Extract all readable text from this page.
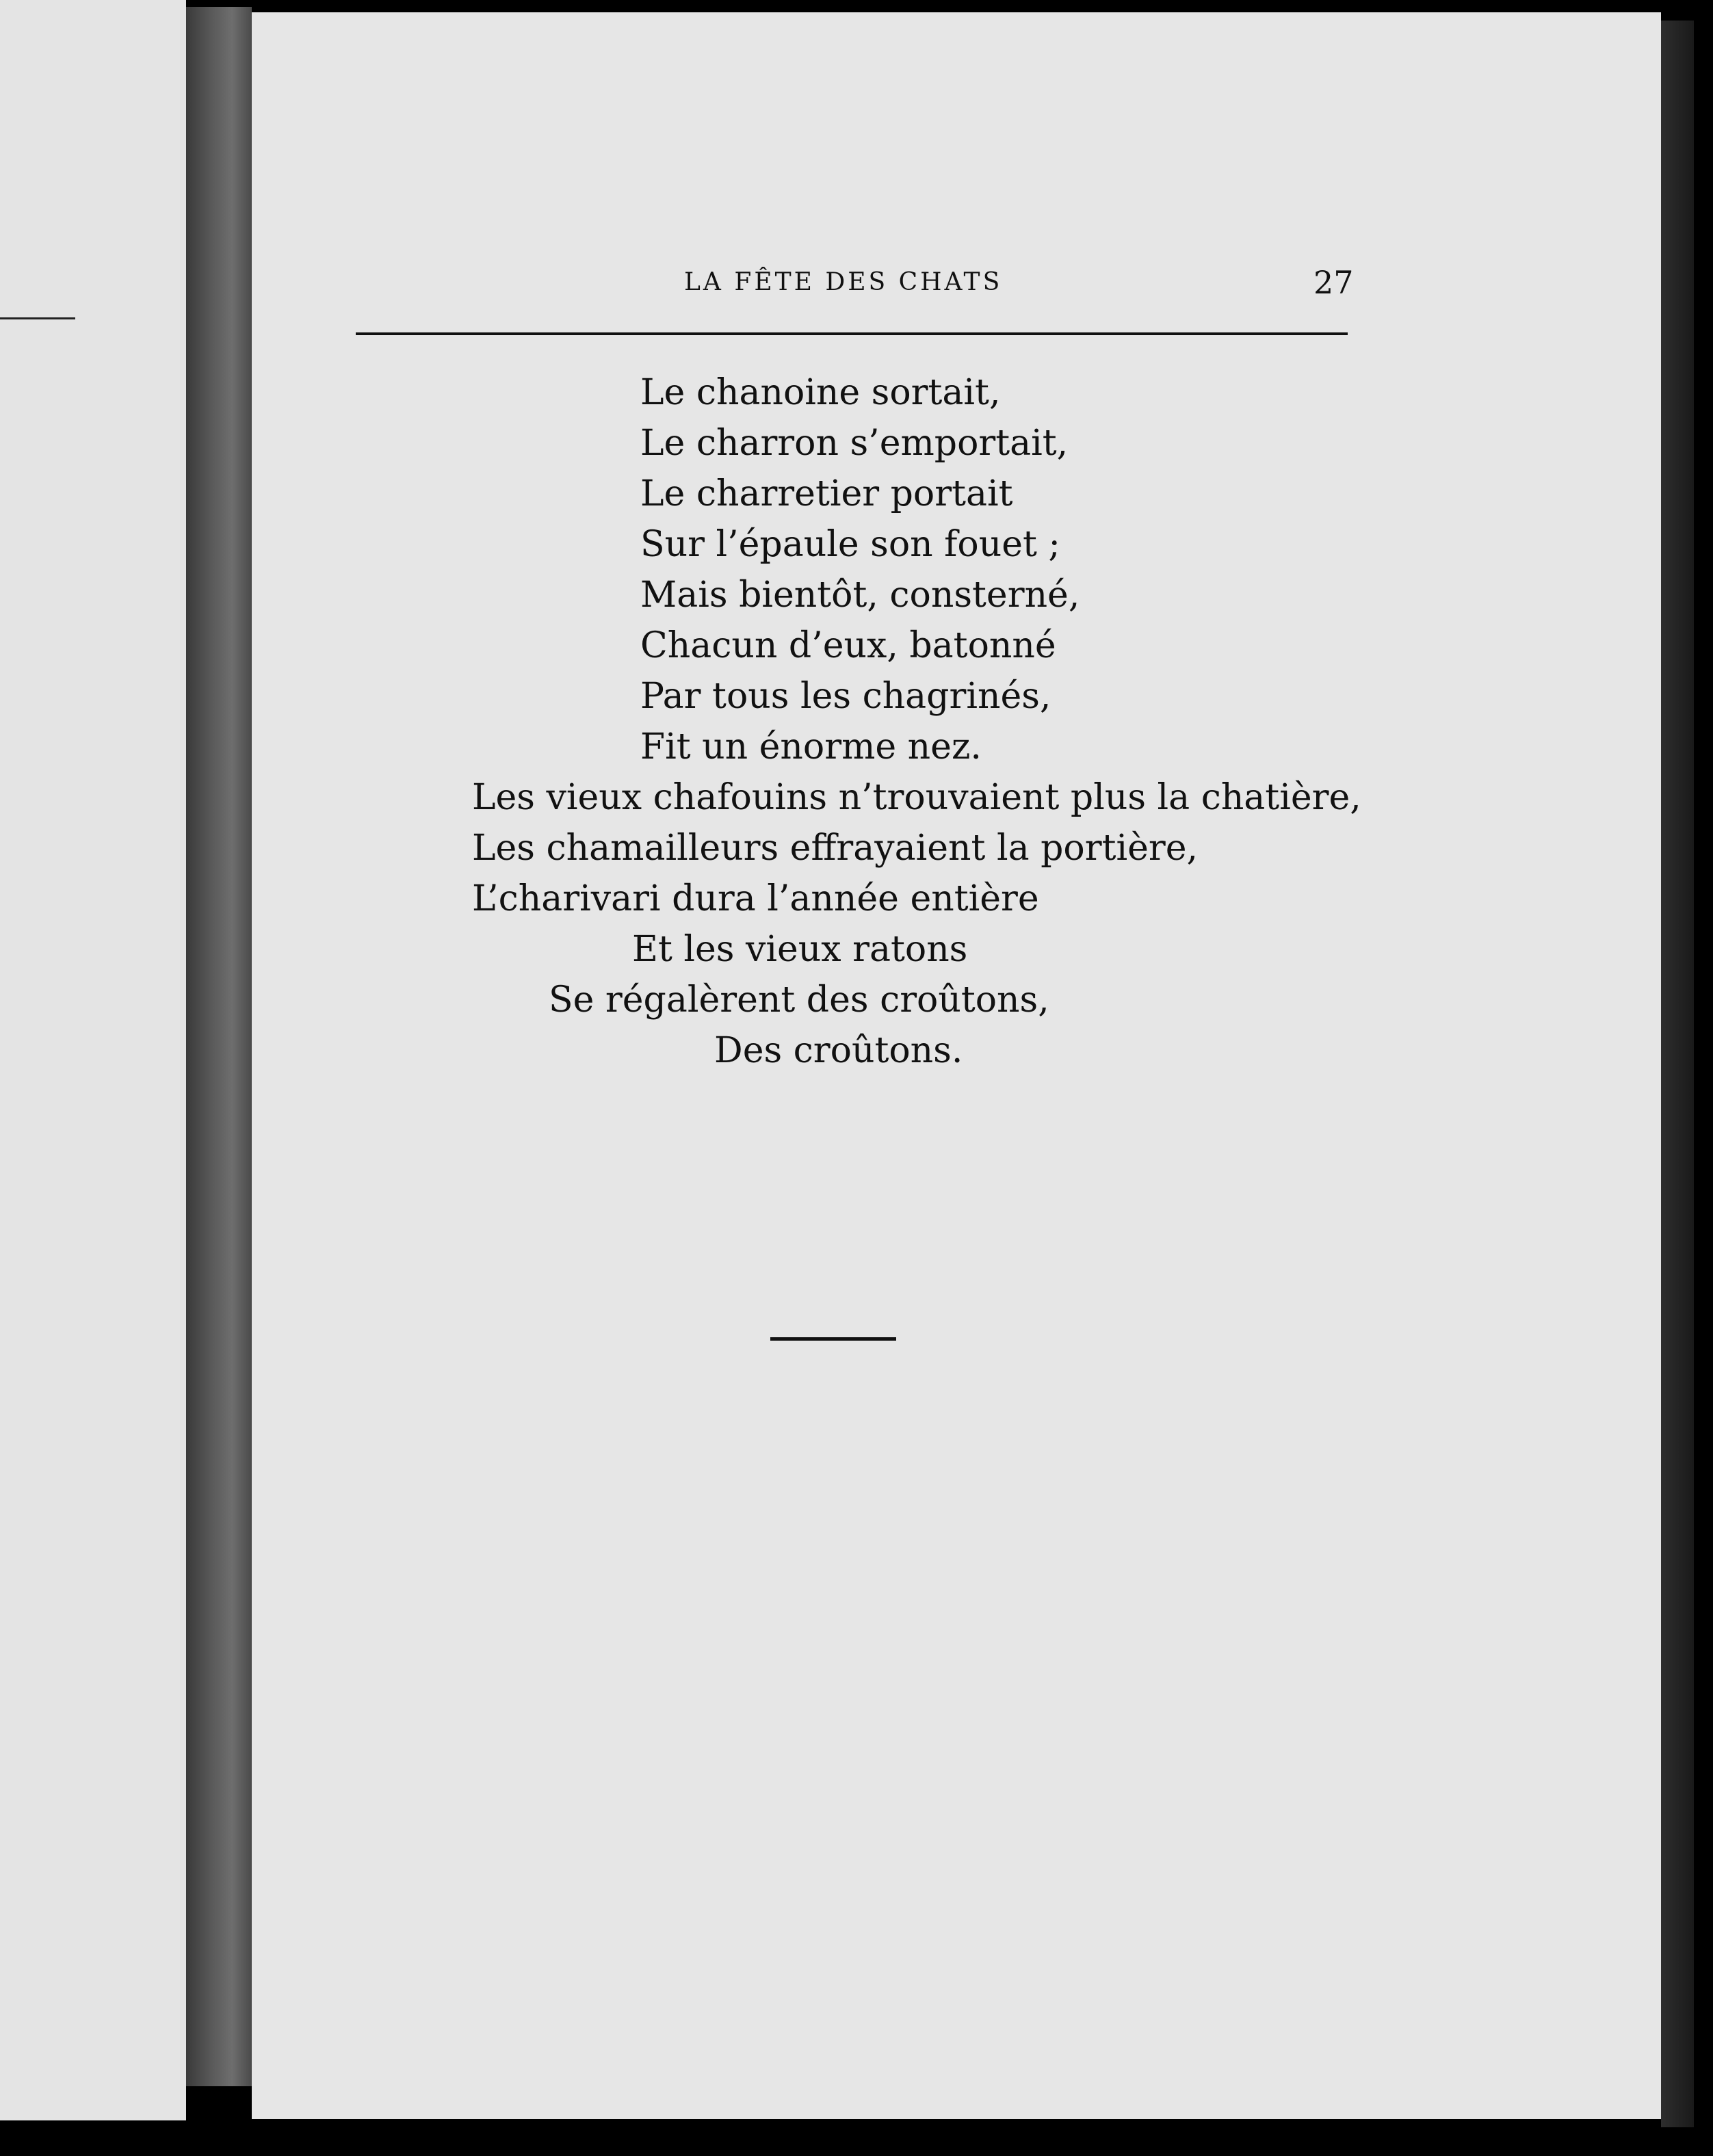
LA FÊTE DES CHATS	27
Le chanoine sortait,
Le charron s’emportait,
Le charretier portait
Sur l’épaule son fouet ;
Mais bientôt, consterné,
Chacun d’eux, batonné
Par tous les chagrinés,
Fit un énorme nez.
Les vieux chafouins n’trouvaient plus la chatière,
Les chamailleurs effrayaient la portière,
L’charivari dura l’année entière
Et les vieux ratons
Se régalèrent des croûtons,
Des croûtons.
